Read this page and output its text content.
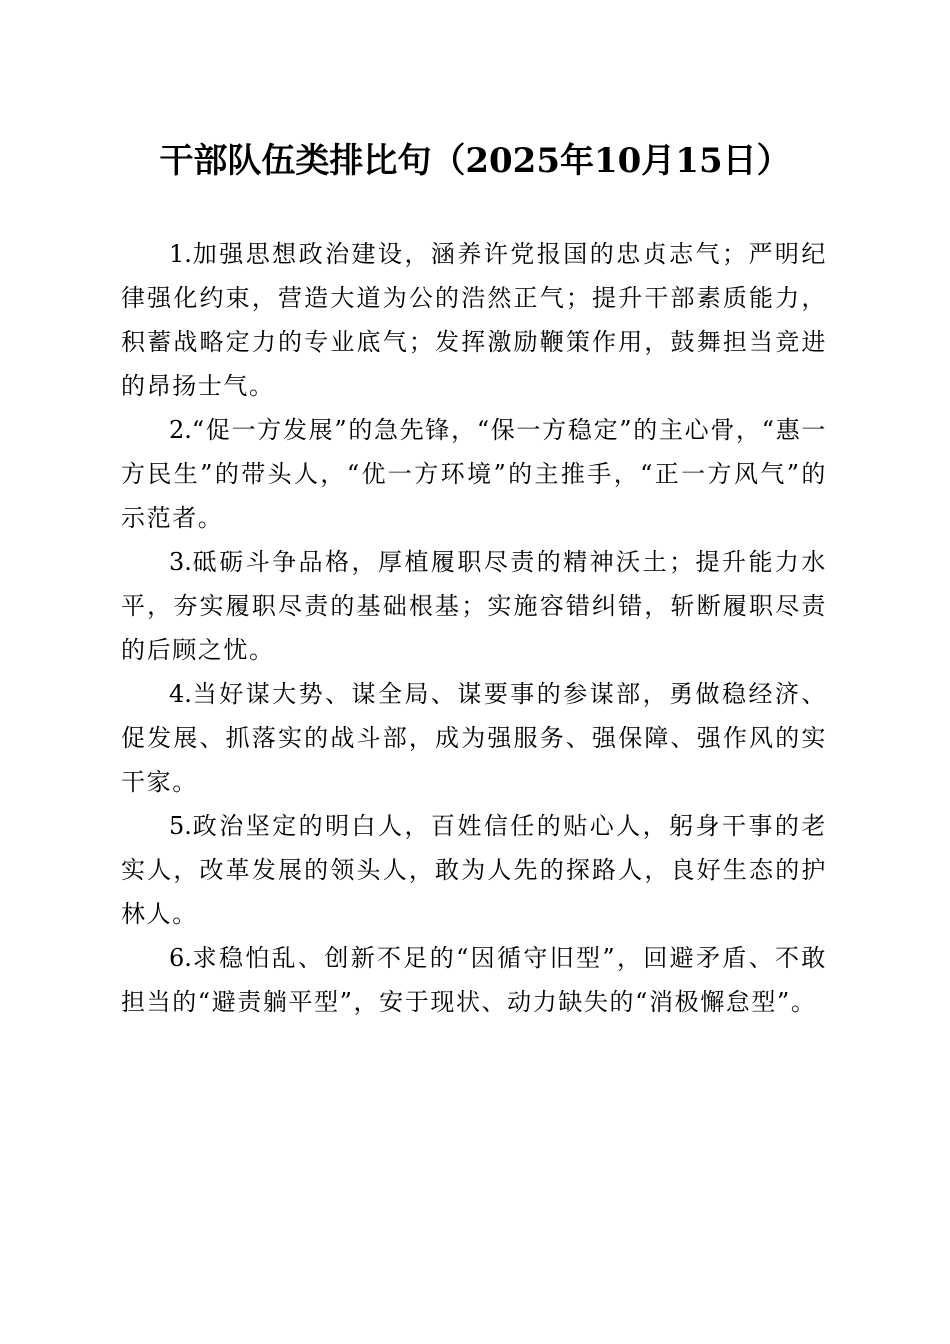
干部队伍类排比句（2025年10月15日）

1.加强思想政治建设，涵养许党报国的忠贞志气；严明纪律强化约束，营造大道为公的浩然正气；提升干部素质能力，积蓄战略定力的专业底气；发挥激励鞭策作用，鼓舞担当竞进的昂扬士气。

2.“促一方发展”的急先锋，“保一方稳定”的主心骨，“惠一方民生”的带头人，“优一方环境”的主推手，“正一方风气”的示范者。

3.砥砺斗争品格，厚植履职尽责的精神沃土；提升能力水平，夯实履职尽责的基础根基；实施容错纠错，斩断履职尽责的后顾之忧。

4.当好谋大势、谋全局、谋要事的参谋部，勇做稳经济、促发展、抓落实的战斗部，成为强服务、强保障、强作风的实干家。

5.政治坚定的明白人，百姓信任的贴心人，躬身干事的老实人，改革发展的领头人，敢为人先的探路人，良好生态的护林人。

6.求稳怕乱、创新不足的“因循守旧型”，回避矛盾、不敢担当的“避责躺平型”，安于现状、动力缺失的“消极懈怠型”。
